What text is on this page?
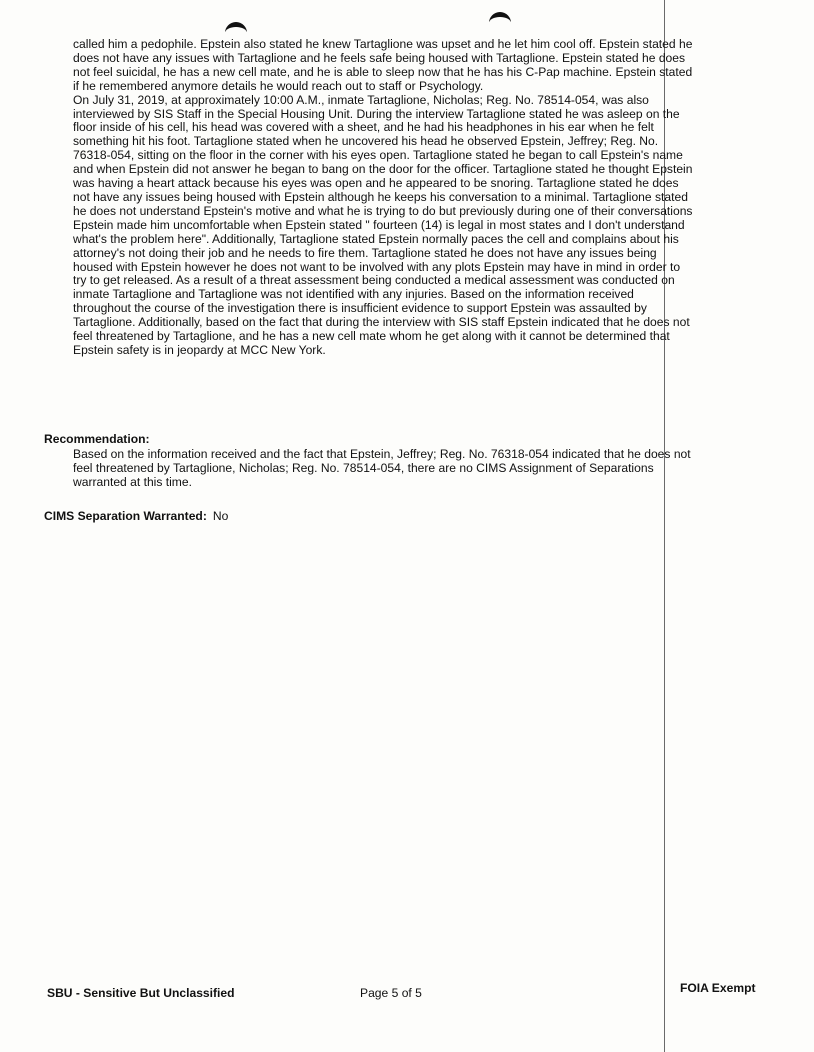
called him a pedophile. Epstein also stated he knew Tartaglione was upset and he let him cool off. Epstein stated he
does not have any issues with Tartaglione and he feels safe being housed with Tartaglione. Epstein stated he does
not feel suicidal, he has a new cell mate, and he is able to sleep now that he has his C-Pap machine. Epstein stated
if he remembered anymore details he would reach out to staff or Psychology.

On July 31, 2019, at approximately 10:00 A.M., inmate Tartaglione, Nicholas; Reg. No. 78514-054, was also
interviewed by SIS Staff in the Special Housing Unit. During the interview Tartaglione stated he was asleep on the
floor inside of his cell, his head was covered with a sheet, and he had his headphones in his ear when he felt
something hit his foot. Tartaglione stated when he uncovered his head he observed Epstein, Jeffrey; Reg. No.
76318-054, sitting on the floor in the corner with his eyes open. Tartaglione stated he began to call Epstein's name
and when Epstein did not answer he began to bang on the door for the officer. Tartaglione stated he thought Epstein
was having a heart attack because his eyes was open and he appeared to be snoring. Tartaglione stated he does
not have any issues being housed with Epstein although he keeps his conversation to a minimal. Tartaglione stated
he does not understand Epstein's motive and what he is trying to do but previously during one of their conversations
Epstein made him uncomfortable when Epstein stated " fourteen (14) is legal in most states and I don't understand
what's the problem here". Additionally, Tartaglione stated Epstein normally paces the cell and complains about his
attorney's not doing their job and he needs to fire them. Tartaglione stated he does not have any issues being
housed with Epstein however he does not want to be involved with any plots Epstein may have in mind in order to
try to get released. As a result of a threat assessment being conducted a medical assessment was conducted on
inmate Tartaglione and Tartaglione was not identified with any injuries. Based on the information received
throughout the course of the investigation there is insufficient evidence to support Epstein was assaulted by
Tartaglione. Additionally, based on the fact that during the interview with SIS staff Epstein indicated that he does not
feel threatened by Tartaglione, and he has a new cell mate whom he get along with it cannot be determined that
Epstein safety is in jeopardy at MCC New York.

Recommendation:

Based on the information received and the fact that Epstein, Jeffrey; Reg. No. 76318-054 indicated that he does not
feel threatened by Tartaglione, Nicholas; Reg. No. 78514-054, there are no CIMS Assignment of Separations
warranted at this time.

CIMS Separation Warranted: No
SBU - Sensitive But Unclassified	Page 5 of 5	FOIA Exempt
